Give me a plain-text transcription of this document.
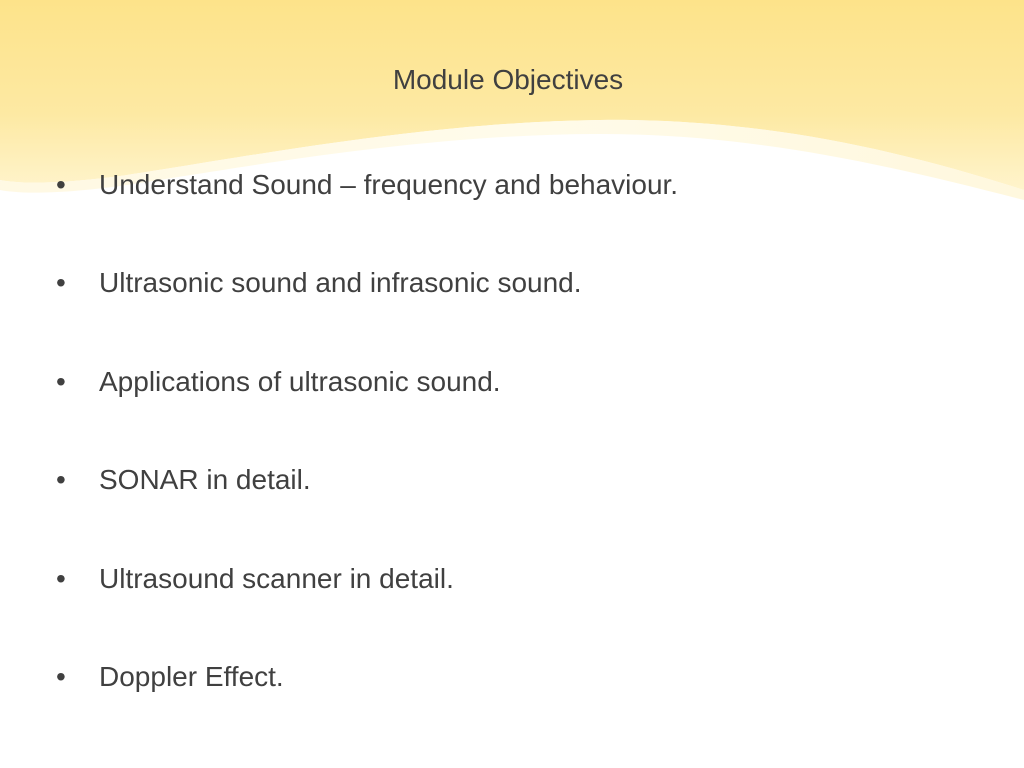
Module Objectives
•	Understand Sound – frequency and behaviour.
•	Ultrasonic sound and infrasonic sound.
•	Applications of ultrasonic sound.
•	SONAR in detail.
•	Ultrasound scanner in detail.
•	Doppler Effect.
